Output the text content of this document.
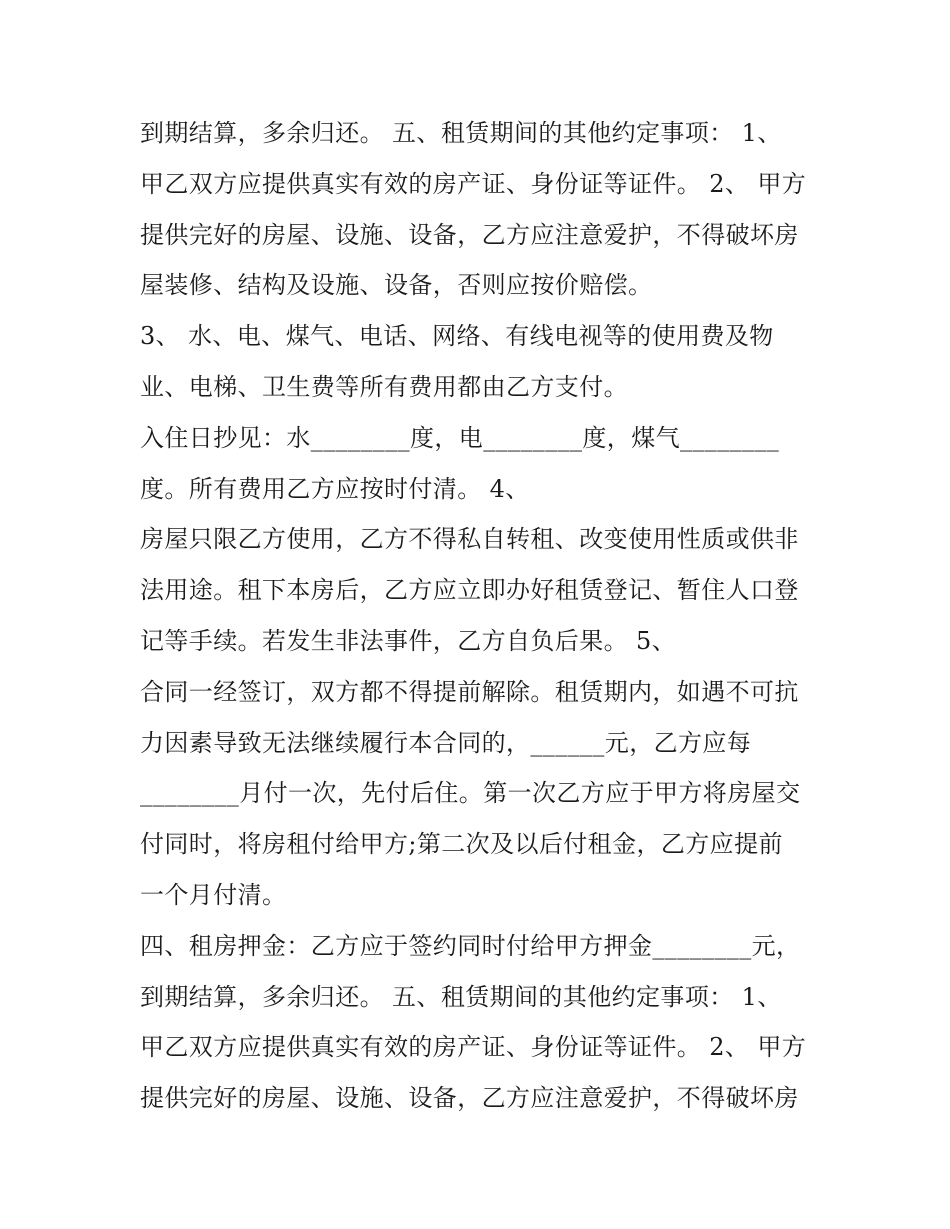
到期结算，多余归还。 五、租赁期间的其他约定事项： 1、
甲乙双方应提供真实有效的房产证、身份证等证件。 2、 甲方
提供完好的房屋、设施、设备，乙方应注意爱护，不得破坏房
屋装修、结构及设施、设备，否则应按价赔偿。
3、 水、电、煤气、电话、网络、有线电视等的使用费及物
业、电梯、卫生费等所有费用都由乙方支付。
入住日抄见：水________度，电________度，煤气________
度。所有费用乙方应按时付清。 4、
房屋只限乙方使用，乙方不得私自转租、改变使用性质或供非
法用途。租下本房后，乙方应立即办好租赁登记、暂住人口登
记等手续。若发生非法事件，乙方自负后果。 5、
合同一经签订，双方都不得提前解除。租赁期内，如遇不可抗
力因素导致无法继续履行本合同的，______元，乙方应每
________月付一次，先付后住。第一次乙方应于甲方将房屋交
付同时，将房租付给甲方;第二次及以后付租金，乙方应提前
一个月付清。
四、租房押金：乙方应于签约同时付给甲方押金________元，
到期结算，多余归还。 五、租赁期间的其他约定事项： 1、
甲乙双方应提供真实有效的房产证、身份证等证件。 2、 甲方
提供完好的房屋、设施、设备，乙方应注意爱护，不得破坏房
